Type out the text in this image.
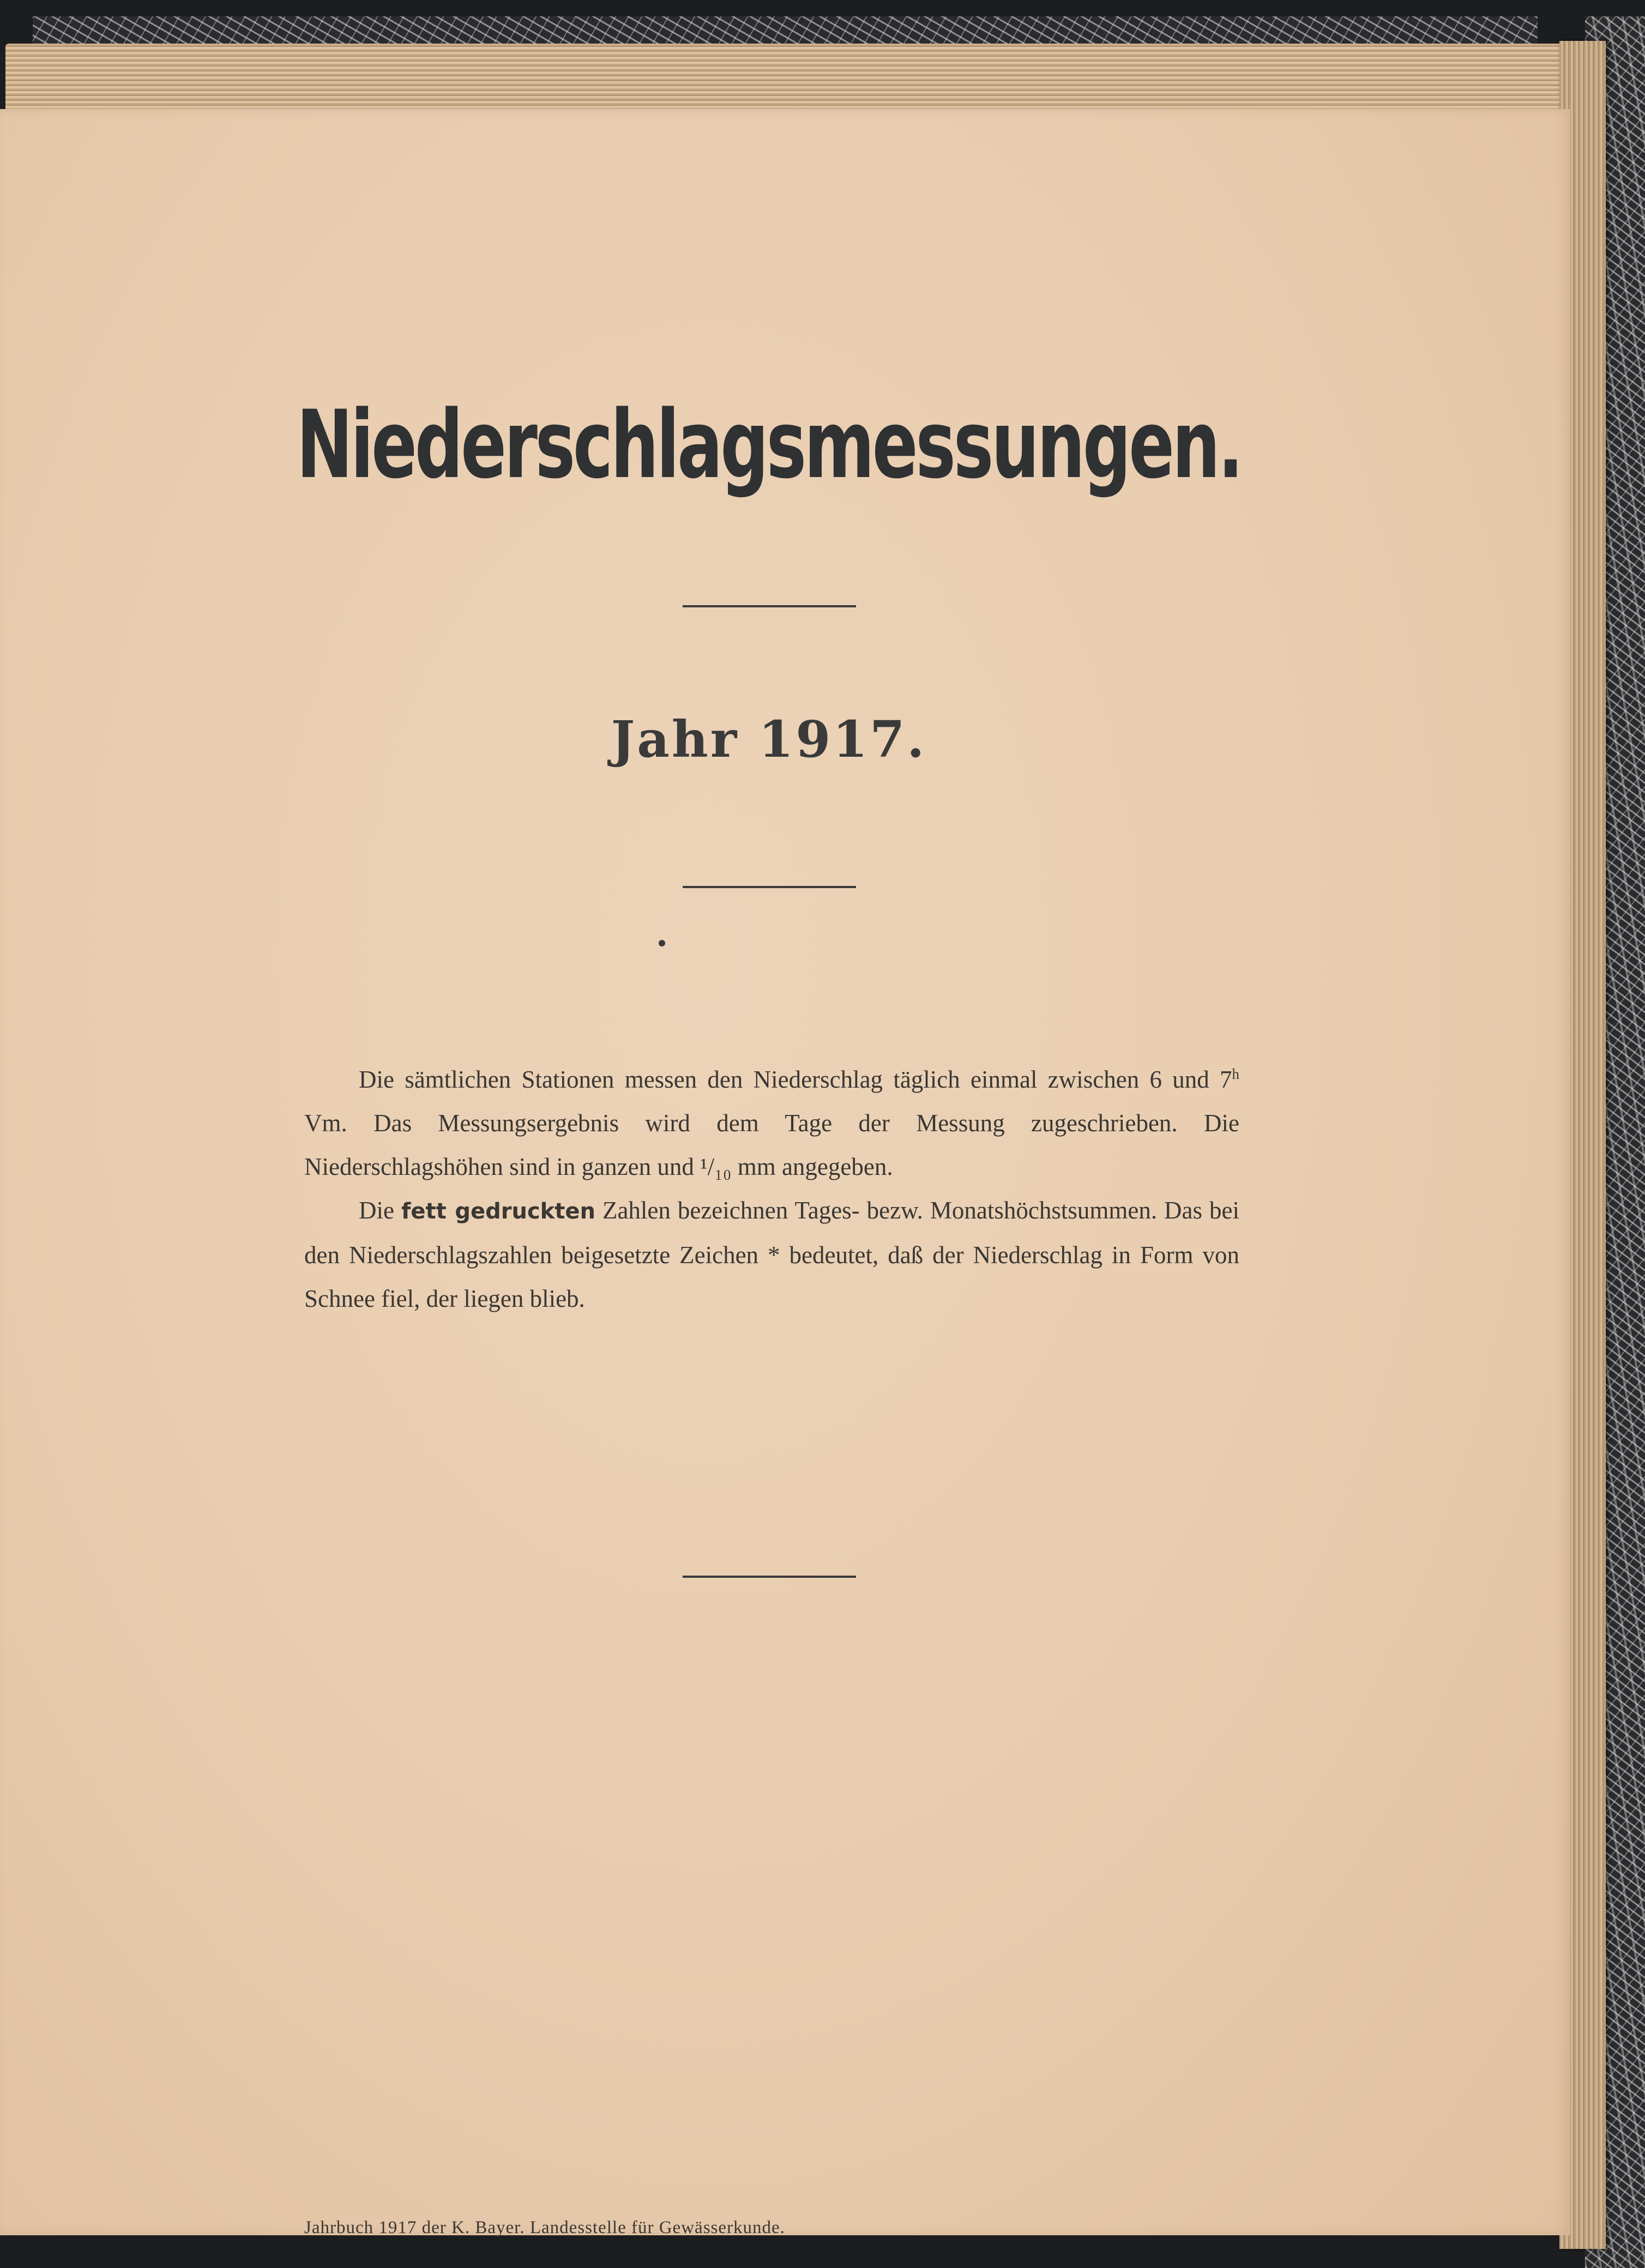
Niederschlagsmessungen.
Jahr 1917.

Die sämtlichen Stationen messen den Niederschlag täglich einmal zwischen 6 und 7$^h$ Vm. Das Messungsergebnis wird dem Tage der Messung zugeschrieben. Die Niederschlagshöhen sind in ganzen und ¹/₁₀ mm angegeben.

Die fett gedruckten Zahlen bezeichnen Tages- bezw. Monatshöchstsummen. Das bei den Niederschlagszahlen beigesetzte Zeichen * bedeutet, daß der Niederschlag in Form von Schnee fiel, der liegen blieb.

Jahrbuch 1917 der K. Bayer. Landesstelle für Gewässerkunde.
